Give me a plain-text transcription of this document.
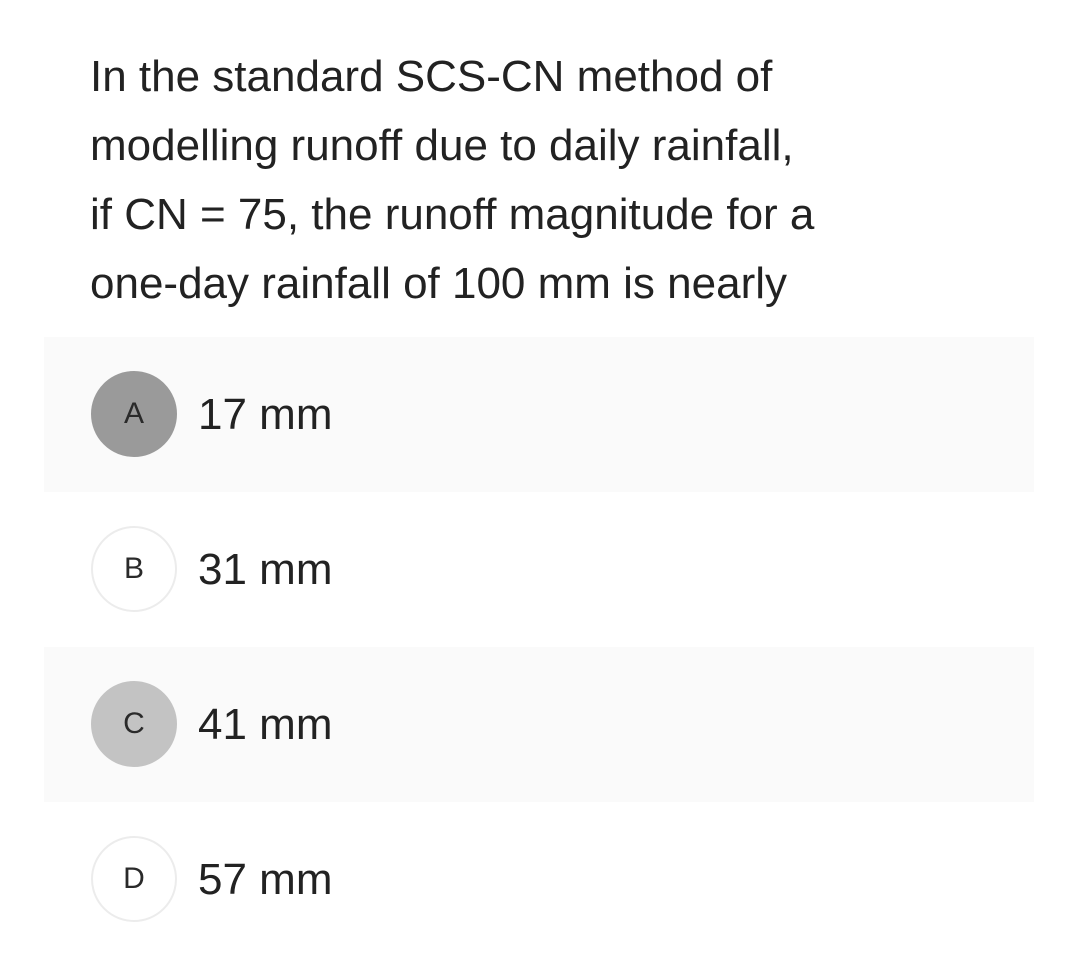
In the standard SCS-CN method of
modelling runoff due to daily rainfall,
if CN = 75, the runoff magnitude for a
one-day rainfall of 100 mm is nearly
A	17 mm
B	31 mm
C	41 mm
D	57 mm
